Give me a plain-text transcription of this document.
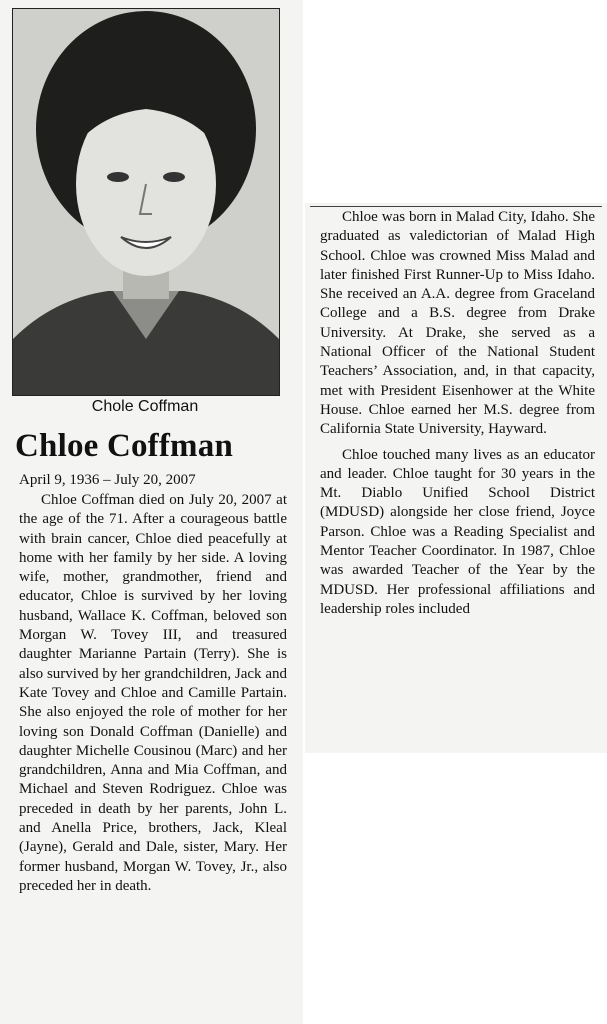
Chole Coffman
Chloe Coffman
April 9, 1936 – July 20, 2007

Chloe Coffman died on July 20, 2007 at the age of the 71. After a courageous battle with brain cancer, Chloe died peacefully at home with her family by her side. A loving wife, mother, grandmother, friend and educator, Chloe is survived by her loving husband, Wallace K. Coffman, beloved son Morgan W. Tovey III, and treasured daughter Marianne Partain (Terry). She is also survived by her grandchildren, Jack and Kate Tovey and Chloe and Camille Partain. She also enjoyed the role of mother for her loving son Donald Coffman (Danielle) and daughter Michelle Cousinou (Marc) and her grandchildren, Anna and Mia Coffman, and Michael and Steven Rodriguez. Chloe was preceded in death by her parents, John L. and Anella Price, brothers, Jack, Kleal (Jayne), Gerald and Dale, sister, Mary. Her former husband, Morgan W. Tovey, Jr., also preceded her in death.

Chloe was born in Malad City, Idaho. She graduated as valedictorian of Malad High School. Chloe was crowned Miss Malad and later finished First Runner-Up to Miss Idaho. She received an A.A. degree from Graceland College and a B.S. degree from Drake University. At Drake, she served as a National Officer of the National Student Teachers’ Association, and, in that capacity, met with President Eisenhower at the White House. Chloe earned her M.S. degree from California State University, Hayward.

Chloe touched many lives as an educator and leader. Chloe taught for 30 years in the Mt. Diablo Unified School District (MDUSD) alongside her close friend, Joyce Parson. Chloe was a Reading Specialist and Mentor Teacher Coordinator. In 1987, Chloe was awarded Teacher of the Year by the MDUSD. Her professional affiliations and leadership roles included
